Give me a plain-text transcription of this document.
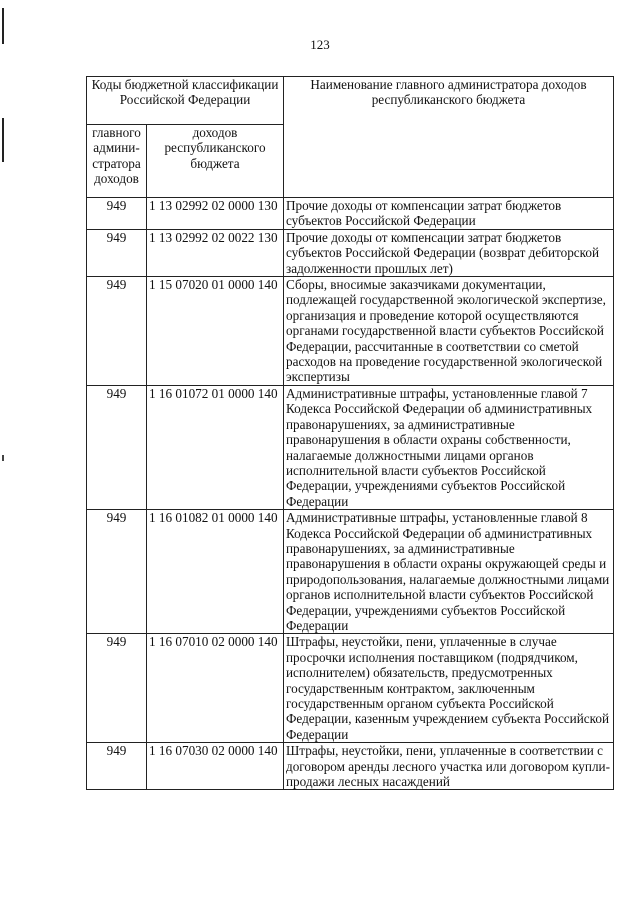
123
Коды бюджетной классификации Российской Федерации		Наименование главного администратора доходов республиканского бюджета
главного админи-стратора доходов	доходов республиканского бюджета	
949	1 13 02992 02 0000 130	Прочие доходы от компенсации затрат бюджетов субъектов Российской Федерации
949	1 13 02992 02 0022 130	Прочие доходы от компенсации затрат бюджетов субъектов Российской Федерации (возврат дебиторской задолженности прошлых лет)
949	1 15 07020 01 0000 140	Сборы, вносимые заказчиками документации, подлежащей государственной экологической экспертизе, организация и проведение которой осуществляются органами государственной власти субъектов Российской Федерации, рассчитанные в соответствии со сметой расходов на проведение государственной экологической экспертизы
949	1 16 01072 01 0000 140	Административные штрафы, установленные главой 7 Кодекса Российской Федерации об административных правонарушениях, за административные правонарушения в области охраны собственности, налагаемые должностными лицами органов исполнительной власти субъектов Российской Федерации, учреждениями субъектов Российской Федерации
949	1 16 01082 01 0000 140	Административные штрафы, установленные главой 8 Кодекса Российской Федерации об административных правонарушениях, за административные правонарушения в области охраны окружающей среды и природопользования, налагаемые должностными лицами органов исполнительной власти субъектов Российской Федерации, учреждениями субъектов Российской Федерации
949	1 16 07010 02 0000 140	Штрафы, неустойки, пени, уплаченные в случае просрочки исполнения поставщиком (подрядчиком, исполнителем) обязательств, предусмотренных государственным контрактом, заключенным государственным органом субъекта Российской Федерации, казенным учреждением субъекта Российской Федерации
949	1 16 07030 02 0000 140	Штрафы, неустойки, пени, уплаченные в соответствии с договором аренды лесного участка или договором купли-продажи лесных насаждений
